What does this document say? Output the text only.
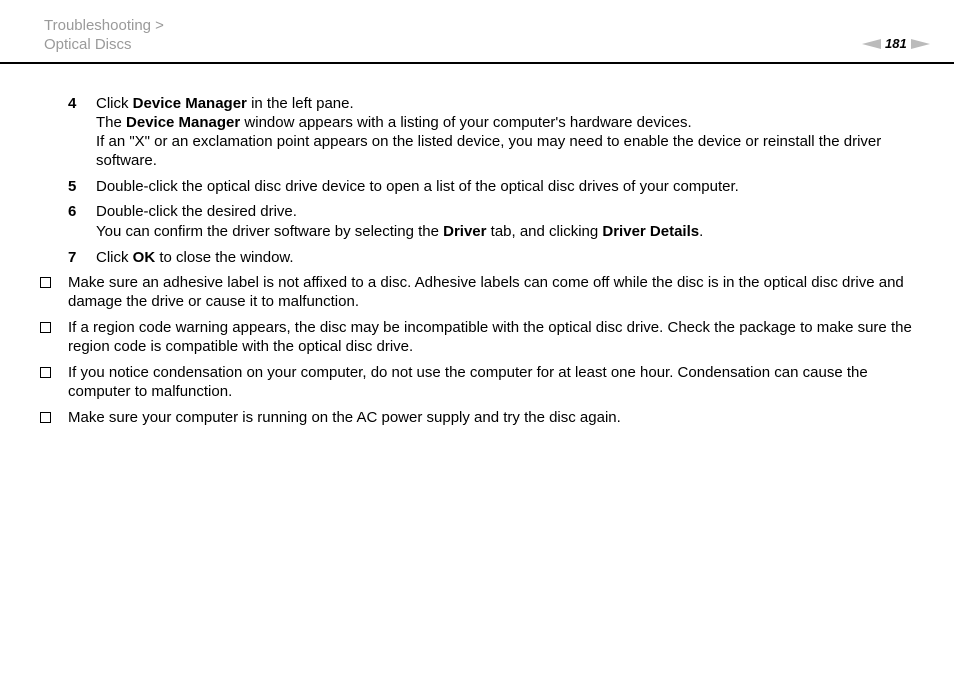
Troubleshooting >
Optical Discs	181
4 Click Device Manager in the left pane.
The Device Manager window appears with a listing of your computer's hardware devices.
If an "X" or an exclamation point appears on the listed device, you may need to enable the device or reinstall the driver software.
5 Double-click the optical disc drive device to open a list of the optical disc drives of your computer.
6 Double-click the desired drive.
You can confirm the driver software by selecting the Driver tab, and clicking Driver Details.
7 Click OK to close the window.
Make sure an adhesive label is not affixed to a disc. Adhesive labels can come off while the disc is in the optical disc drive and damage the drive or cause it to malfunction.
If a region code warning appears, the disc may be incompatible with the optical disc drive. Check the package to make sure the region code is compatible with the optical disc drive.
If you notice condensation on your computer, do not use the computer for at least one hour. Condensation can cause the computer to malfunction.
Make sure your computer is running on the AC power supply and try the disc again.
